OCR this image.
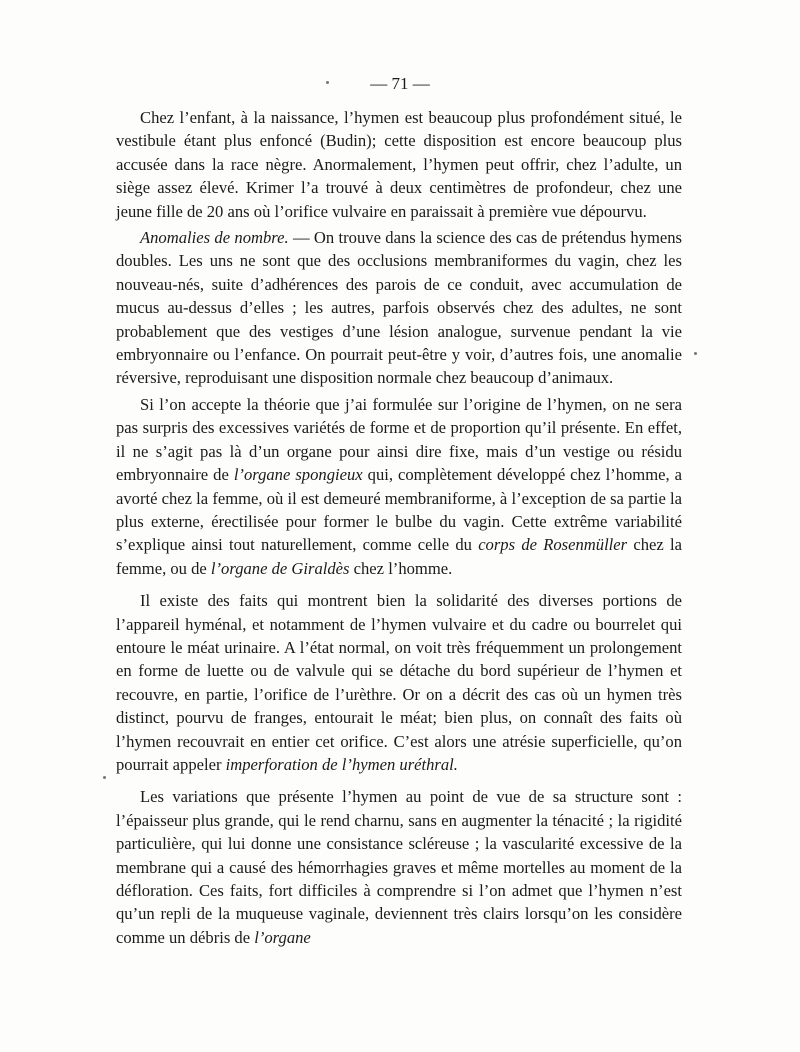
— 71 —

Chez l’enfant, à la naissance, l’hymen est beaucoup plus profondément situé, le vestibule étant plus enfoncé (Budin); cette disposition est encore beaucoup plus accusée dans la race nègre. Anormalement, l’hymen peut offrir, chez l’adulte, un siège assez élevé. Krimer l’a trouvé à deux centimètres de profondeur, chez une jeune fille de 20 ans où l’orifice vulvaire en paraissait à première vue dépourvu.

Anomalies de nombre. — On trouve dans la science des cas de prétendus hymens doubles. Les uns ne sont que des occlusions membraniformes du vagin, chez les nouveau-nés, suite d’adhérences des parois de ce conduit, avec accumulation de mucus au-dessus d’elles ; les autres, parfois observés chez des adultes, ne sont probablement que des vestiges d’une lésion analogue, survenue pendant la vie embryonnaire ou l’enfance. On pourrait peut-être y voir, d’autres fois, une anomalie réversive, reproduisant une disposition normale chez beaucoup d’animaux.

Si l’on accepte la théorie que j’ai formulée sur l’origine de l’hymen, on ne sera pas surpris des excessives variétés de forme et de proportion qu’il présente. En effet, il ne s’agit pas là d’un organe pour ainsi dire fixe, mais d’un vestige ou résidu embryonnaire de l’organe spongieux qui, complètement développé chez l’homme, a avorté chez la femme, où il est demeuré membraniforme, à l’exception de sa partie la plus externe, érectilisée pour former le bulbe du vagin. Cette extrême variabilité s’explique ainsi tout naturellement, comme celle du corps de Rosenmüller chez la femme, ou de l’organe de Giraldès chez l’homme.

Il existe des faits qui montrent bien la solidarité des diverses portions de l’appareil hyménal, et notamment de l’hymen vulvaire et du cadre ou bourrelet qui entoure le méat urinaire. A l’état normal, on voit très fréquemment un prolongement en forme de luette ou de valvule qui se détache du bord supérieur de l’hymen et recouvre, en partie, l’orifice de l’urèthre. Or on a décrit des cas où un hymen très distinct, pourvu de franges, entourait le méat; bien plus, on connaît des faits où l’hymen recouvrait en entier cet orifice. C’est alors une atrésie superficielle, qu’on pourrait appeler imperforation de l’hymen uréthral.

Les variations que présente l’hymen au point de vue de sa structure sont : l’épaisseur plus grande, qui le rend charnu, sans en augmenter la ténacité ; la rigidité particulière, qui lui donne une consistance scléreuse ; la vascularité excessive de la membrane qui a causé des hémorrhagies graves et même mortelles au moment de la défloration. Ces faits, fort difficiles à comprendre si l’on admet que l’hymen n’est qu’un repli de la muqueuse vaginale, deviennent très clairs lorsqu’on les considère comme un débris de l’organe
